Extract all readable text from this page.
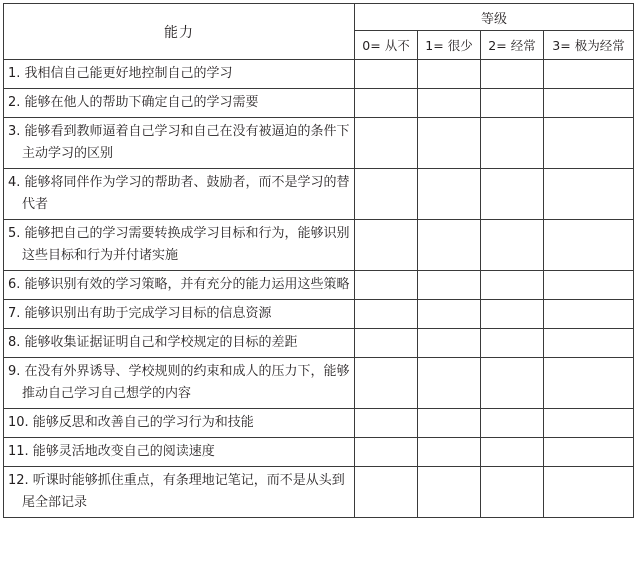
能力	等级			
	0= 从不	1= 很少	2= 经常	3= 极为经常

1. 我相信自己能更好地控制自己的学习				

2. 能够在他人的帮助下确定自己的学习需要				

3. 能够看到教师逼着自己学习和自己在没有被逼迫的条件下主动学习的区别				

4. 能够将同伴作为学习的帮助者、鼓励者，而不是学习的替代者				

5. 能够把自己的学习需要转换成学习目标和行为，能够识别这些目标和行为并付诸实施				

6. 能够识别有效的学习策略，并有充分的能力运用这些策略				

7. 能够识别出有助于完成学习目标的信息资源				

8. 能够收集证据证明自己和学校规定的目标的差距				

9. 在没有外界诱导、学校规则的约束和成人的压力下，能够推动自己学习自己想学的内容				

10. 能够反思和改善自己的学习行为和技能				

11. 能够灵活地改变自己的阅读速度				

12. 听课时能够抓住重点，有条理地记笔记，而不是从头到尾全部记录				
